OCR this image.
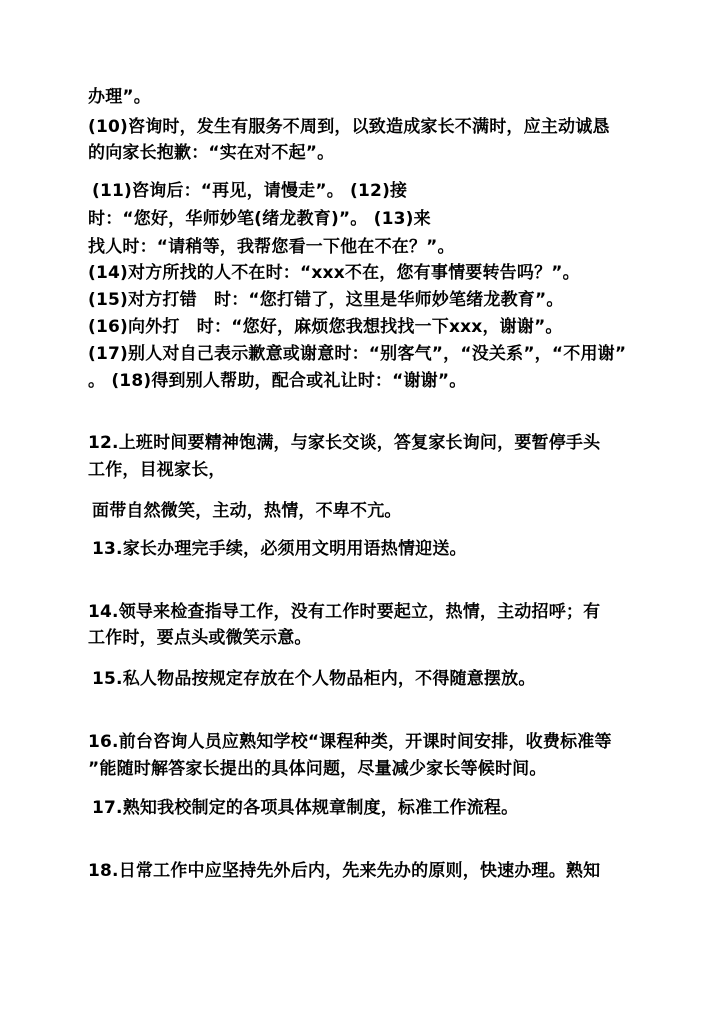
办理”。
(10)咨询时，发生有服务不周到，以致造成家长不满时，应主动诚恳
的向家长抱歉：“实在对不起”。
(11)咨询后：“再见，请慢走”。 (12)接
时：“您好，华师妙笔(绪龙教育)”。 (13)来
找人时：“请稍等，我帮您看一下他在不在？”。
(14)对方所找的人不在时：“xxx不在，您有事情要转告吗？”。
(15)对方打错　时：“您打错了，这里是华师妙笔绪龙教育”。
(16)向外打　时：“您好，麻烦您我想找找一下xxx，谢谢”。
(17)别人对自己表示歉意或谢意时：“别客气”，“没关系”，“不用谢”
。 (18)得到别人帮助，配合或礼让时：“谢谢”。
12.上班时间要精神饱满，与家长交谈，答复家长询问，要暂停手头
工作，目视家长，
面带自然微笑，主动，热情，不卑不亢。
13.家长办理完手续，必须用文明用语热情迎送。
14.领导来检查指导工作，没有工作时要起立，热情，主动招呼；有
工作时，要点头或微笑示意。
15.私人物品按规定存放在个人物品柜内，不得随意摆放。
16.前台咨询人员应熟知学校“课程种类，开课时间安排，收费标准等
”能随时解答家长提出的具体问题，尽量减少家长等候时间。
17.熟知我校制定的各项具体规章制度，标准工作流程。
18.日常工作中应坚持先外后内，先来先办的原则，快速办理。熟知
